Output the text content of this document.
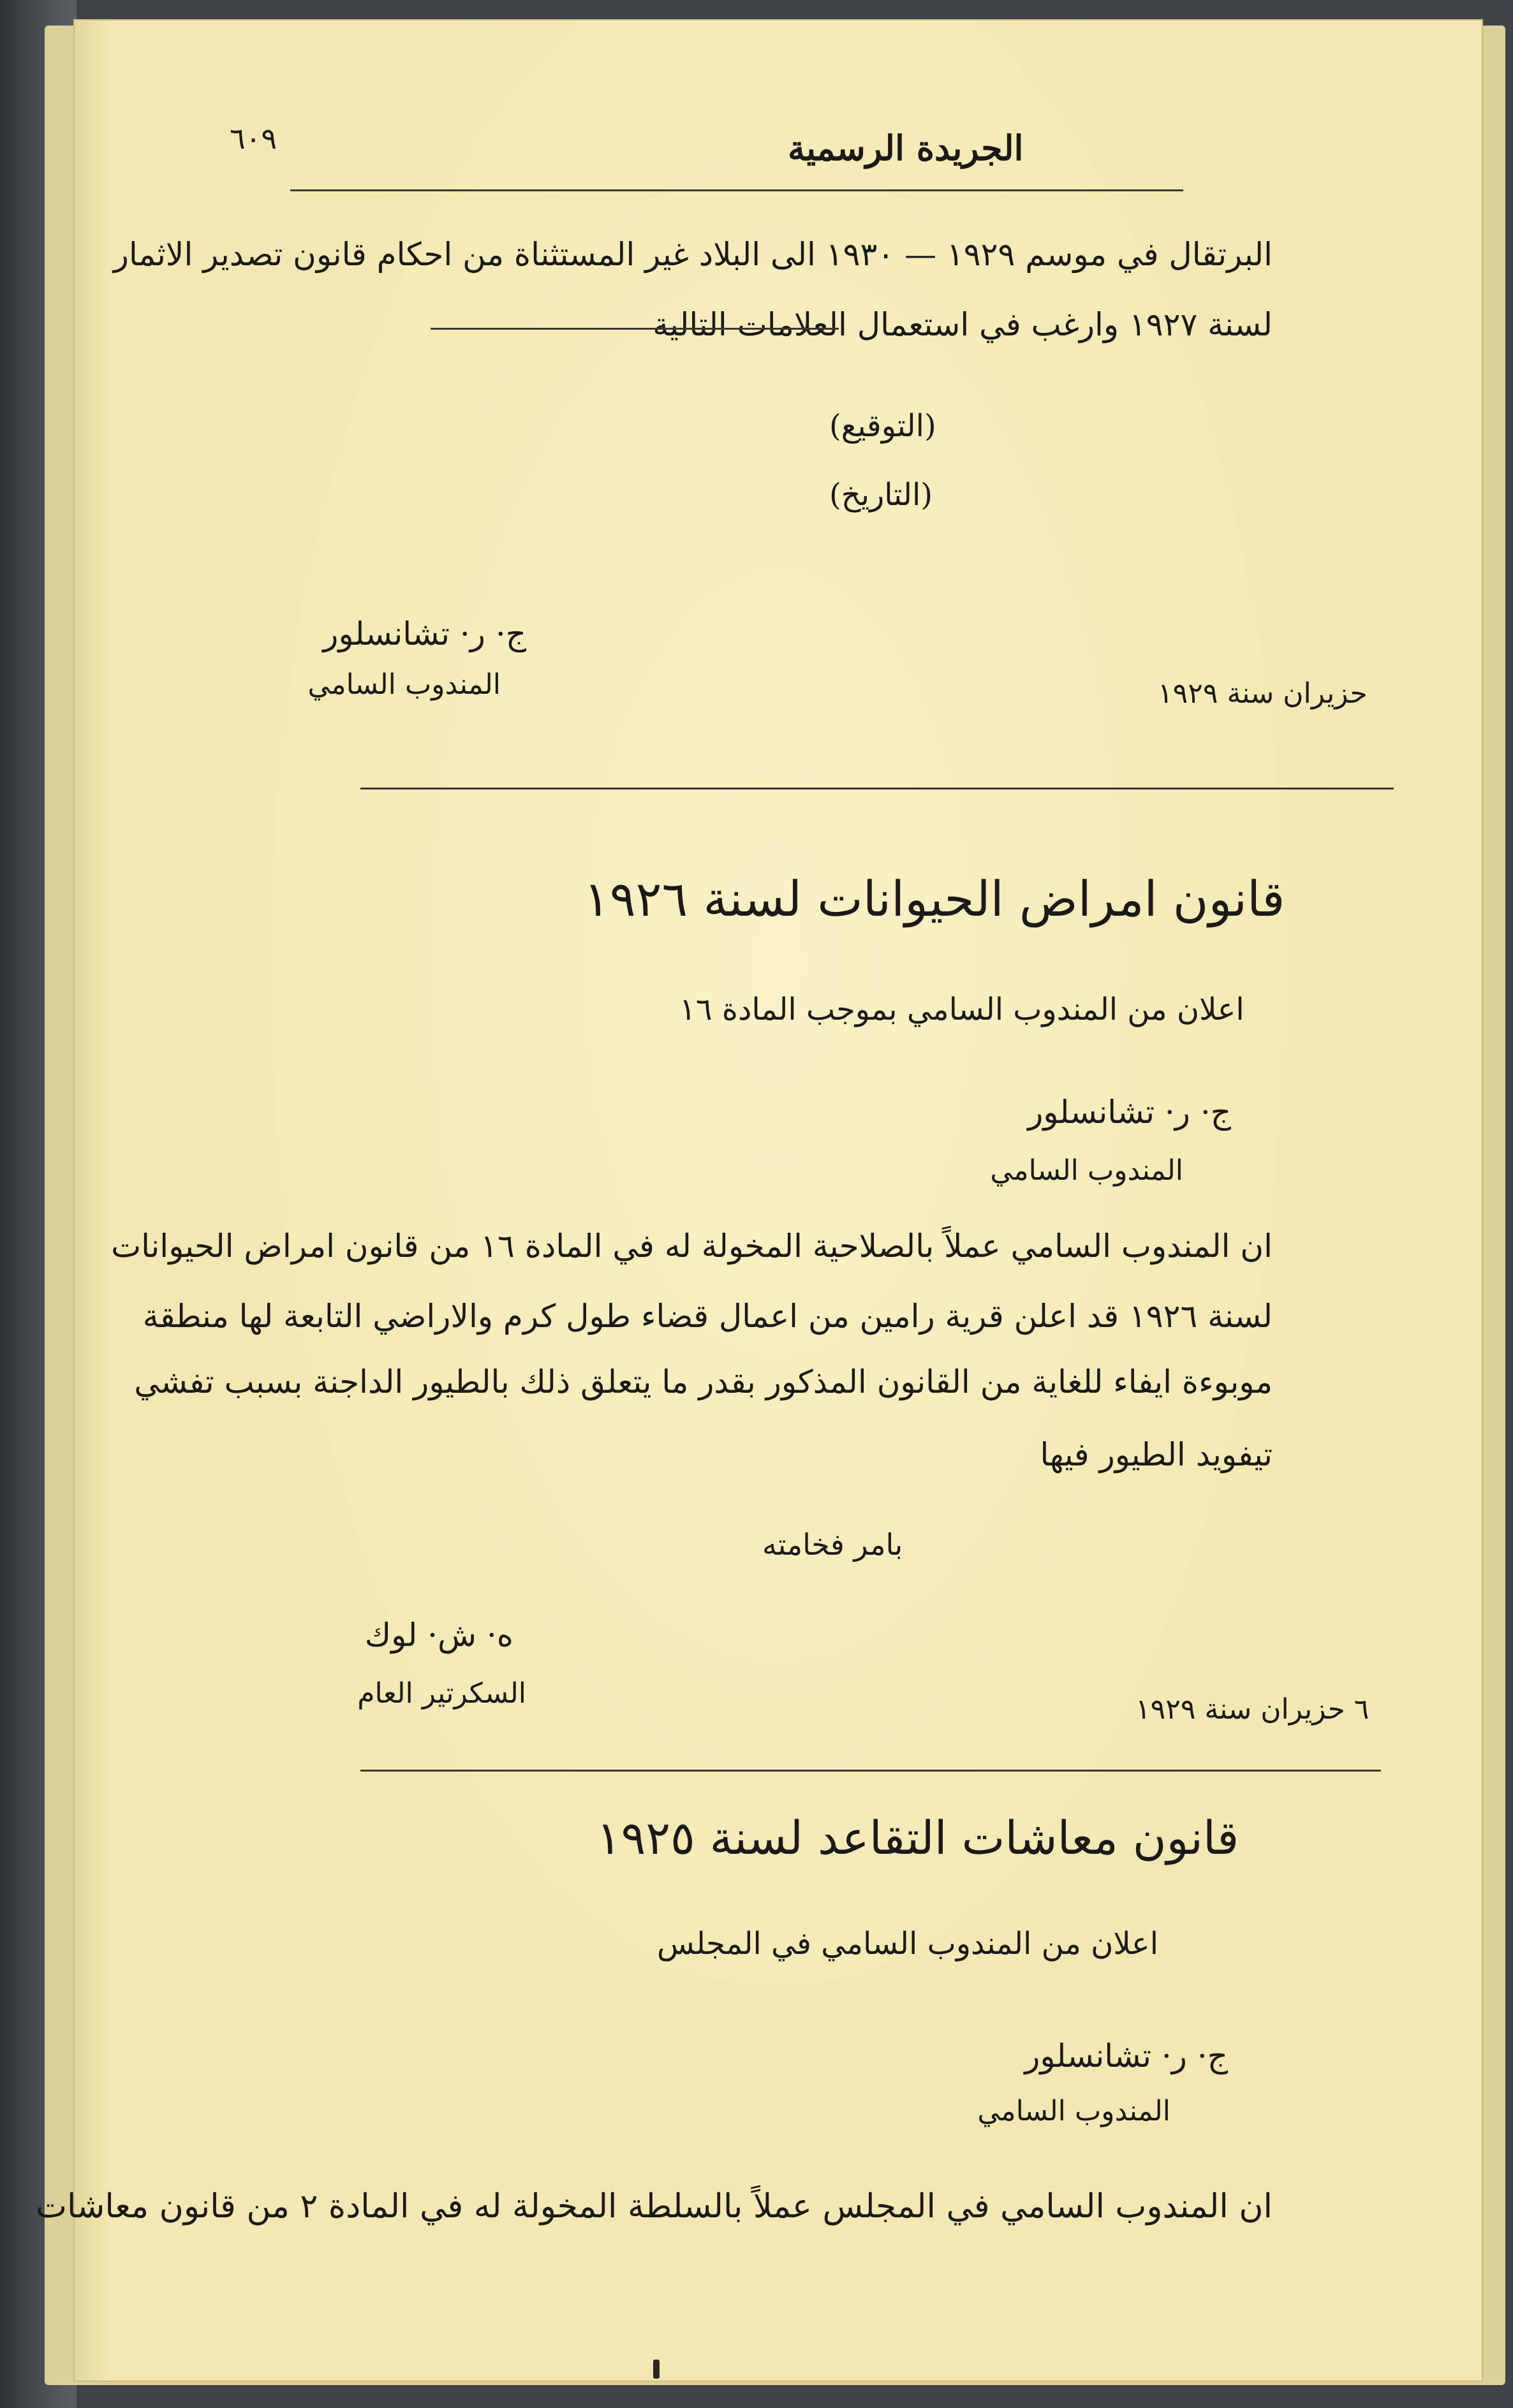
٦٠٩	الجريدة الرسمية
البرتقال في موسم ١٩٢٩ — ١٩٣٠ الى البلاد غير المستثناة من احكام قانون تصدير الاثمار
لسنة ١٩٢٧ وارغب في استعمال العلامات التالية
(التوقيع)
(التاريخ)
ج· ر· تشانسلور
المندوب السامي	حزيران سنة ١٩٢٩
قانون امراض الحيوانات لسنة ١٩٢٦
اعلان من المندوب السامي بموجب المادة ١٦
ج· ر· تشانسلور
المندوب السامي
ان المندوب السامي عملاً بالصلاحية المخولة له في المادة ١٦ من قانون امراض الحيوانات
لسنة ١٩٢٦ قد اعلن قرية رامين من اعمال قضاء طول كرم والاراضي التابعة لها منطقة
موبوءة ايفاء للغاية من القانون المذكور بقدر ما يتعلق ذلك بالطيور الداجنة بسبب تفشي
تيفويد الطيور فيها
بامر فخامته
ه· ش· لوك
السكرتير العام	٦ حزيران سنة ١٩٢٩
قانون معاشات التقاعد لسنة ١٩٢٥
اعلان من المندوب السامي في المجلس
ج· ر· تشانسلور
المندوب السامي
ان المندوب السامي في المجلس عملاً بالسلطة المخولة له في المادة ٢ من قانون معاشات
